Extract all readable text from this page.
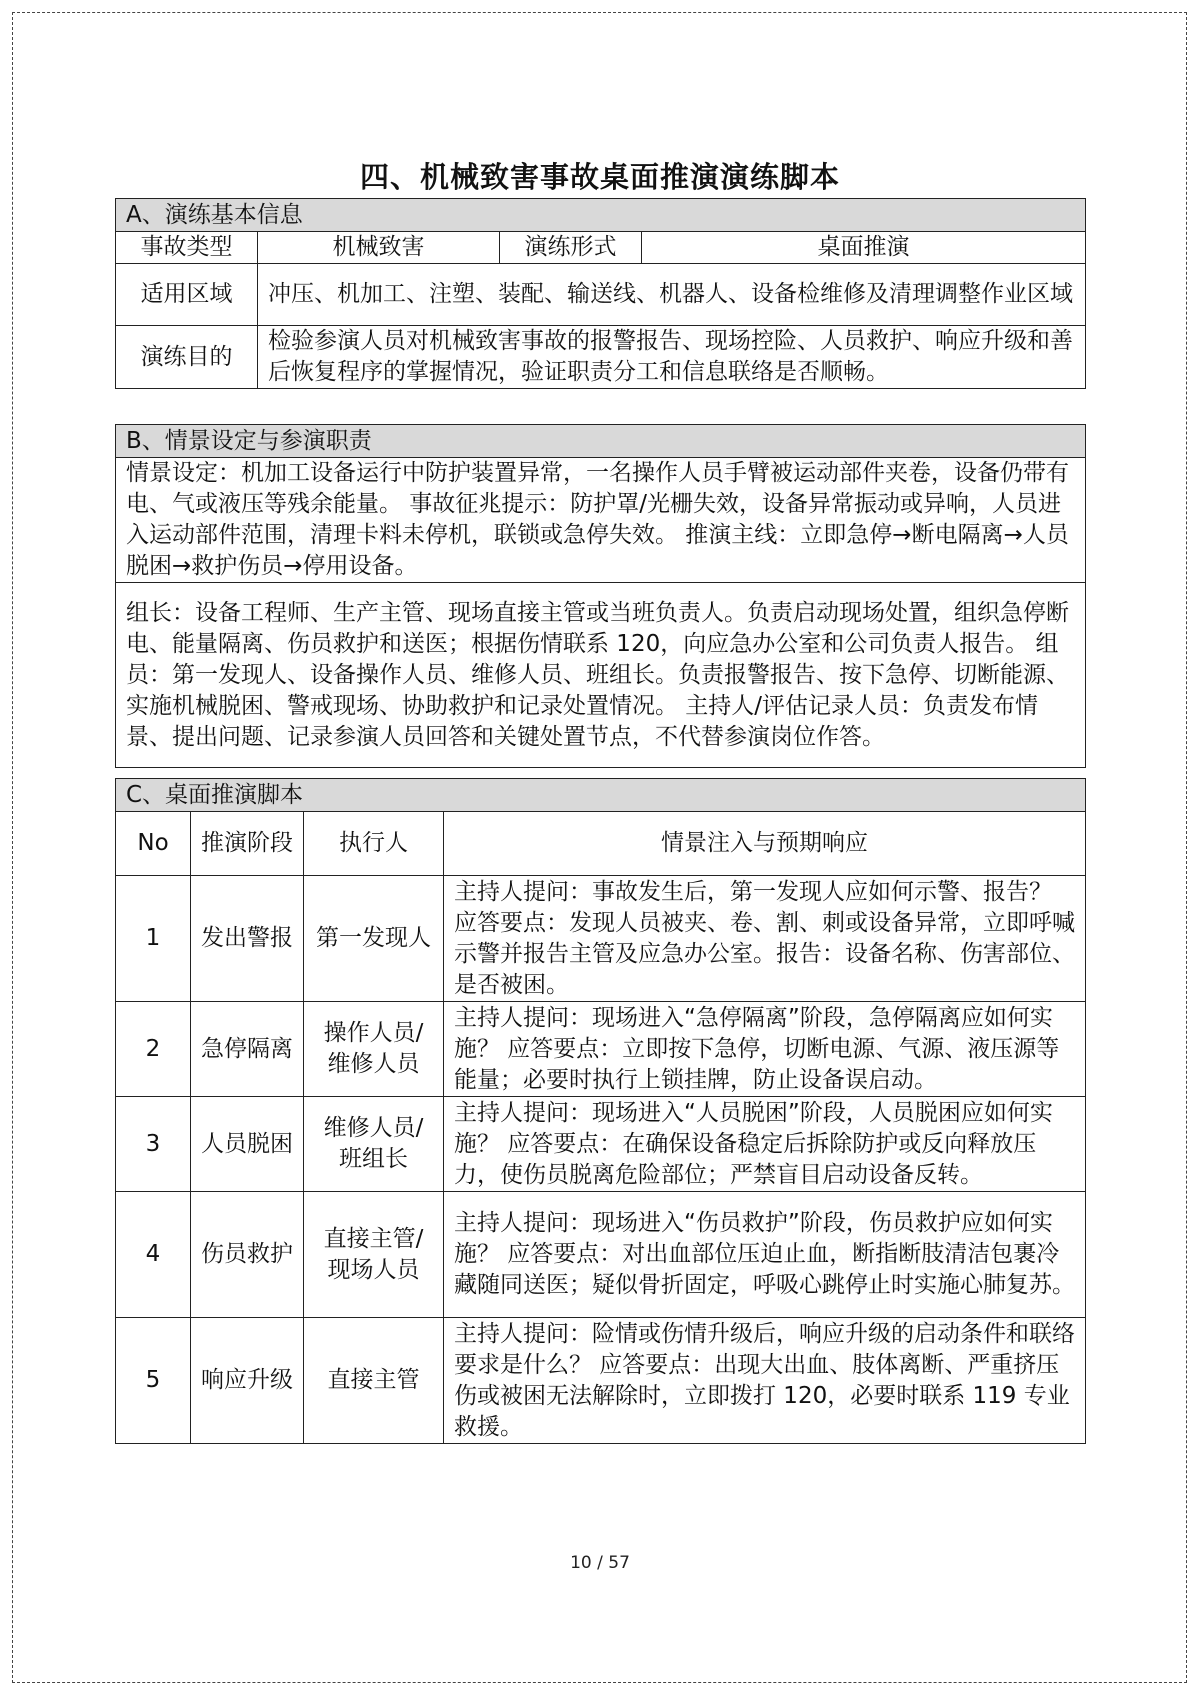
四、机械致害事故桌面推演演练脚本
A、演练基本信息			
事故类型	机械致害	演练形式	桌面推演
适用区域	冲压、机加工、注塑、装配、输送线、机器人、设备检维修及清理调整作业区域		
演练目的	检验参演人员对机械致害事故的报警报告、现场控险、人员救护、响应升级和善后恢复程序的掌握情况，验证职责分工和信息联络是否顺畅。		
B、情景设定与参演职责
情景设定：机加工设备运行中防护装置异常，一名操作人员手臂被运动部件夹卷，设备仍带有电、气或液压等残余能量。 事故征兆提示：防护罩/光栅失效，设备异常振动或异响，人员进入运动部件范围，清理卡料未停机，联锁或急停失效。 推演主线：立即急停→断电隔离→人员脱困→救护伤员→停用设备。
组长：设备工程师、生产主管、现场直接主管或当班负责人。负责启动现场处置，组织急停断电、能量隔离、伤员救护和送医；根据伤情联系 120，向应急办公室和公司负责人报告。 组员：第一发现人、设备操作人员、维修人员、班组长。负责报警报告、按下急停、切断能源、实施机械脱困、警戒现场、协助救护和记录处置情况。 主持人/评估记录人员：负责发布情景、提出问题、记录参演人员回答和关键处置节点，不代替参演岗位作答。
C、桌面推演脚本			
No	推演阶段	执行人	情景注入与预期响应
1	发出警报	第一发现人	主持人提问：事故发生后，第一发现人应如何示警、报告？ 应答要点：发现人员被夹、卷、割、刺或设备异常，立即呼喊示警并报告主管及应急办公室。报告：设备名称、伤害部位、是否被困。
2	急停隔离	操作人员/维修人员	主持人提问：现场进入“急停隔离”阶段，急停隔离应如何实施？ 应答要点：立即按下急停，切断电源、气源、液压源等能量；必要时执行上锁挂牌，防止设备误启动。
3	人员脱困	维修人员/班组长	主持人提问：现场进入“人员脱困”阶段，人员脱困应如何实施？ 应答要点：在确保设备稳定后拆除防护或反向释放压力，使伤员脱离危险部位；严禁盲目启动设备反转。
4	伤员救护	直接主管/现场人员	主持人提问：现场进入“伤员救护”阶段，伤员救护应如何实施？ 应答要点：对出血部位压迫止血，断指断肢清洁包裹冷藏随同送医；疑似骨折固定，呼吸心跳停止时实施心肺复苏。
5	响应升级	直接主管	主持人提问：险情或伤情升级后，响应升级的启动条件和联络要求是什么？ 应答要点：出现大出血、肢体离断、严重挤压伤或被困无法解除时，立即拨打 120，必要时联系 119 专业救援。
10 / 57
